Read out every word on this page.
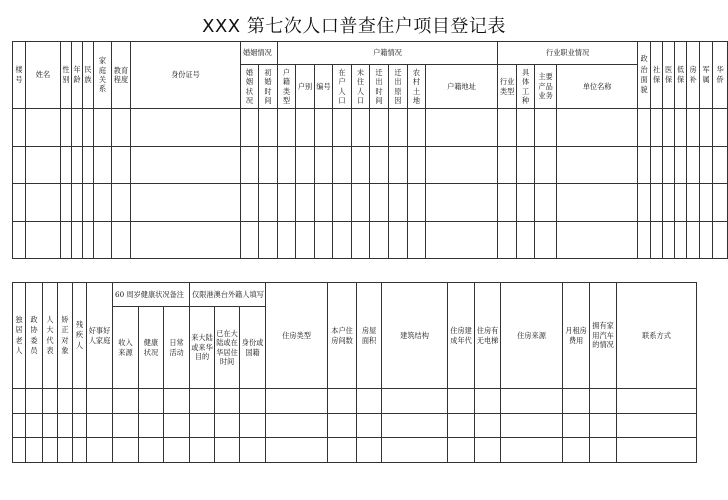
XXX 第七次人口普查住户项目登记表
楼号	姓名	性别	年龄	民族	家庭关系	教育程度	身份证号	婚姻情况		户籍情况									行业职业情况				政治面貌	社保	医保	低保	房补	军属	华侨
								婚姻状况	初婚时间	户籍类型	户别	编号	在户人口	未住人口	迁出时间	迁出原因	农村土地	户籍地址	行业类型	具体工种	主要产品业务	单位名称							

独居老人	政协委员	人大代表	矫正对象	残疾人	好事好人家庭	60 周岁健康状况备注			仅限港澳台外籍人填写			住房类型	本户住房间数	房屋面积	建筑结构	住房建成年代	住房有无电梯	住房来源	月租房费用	拥有家用汽车的情况	联系方式
						收入来源	健康状况	日常活动	来大陆或来华目的	已在大陆或在华居住时间	身份或国籍										
